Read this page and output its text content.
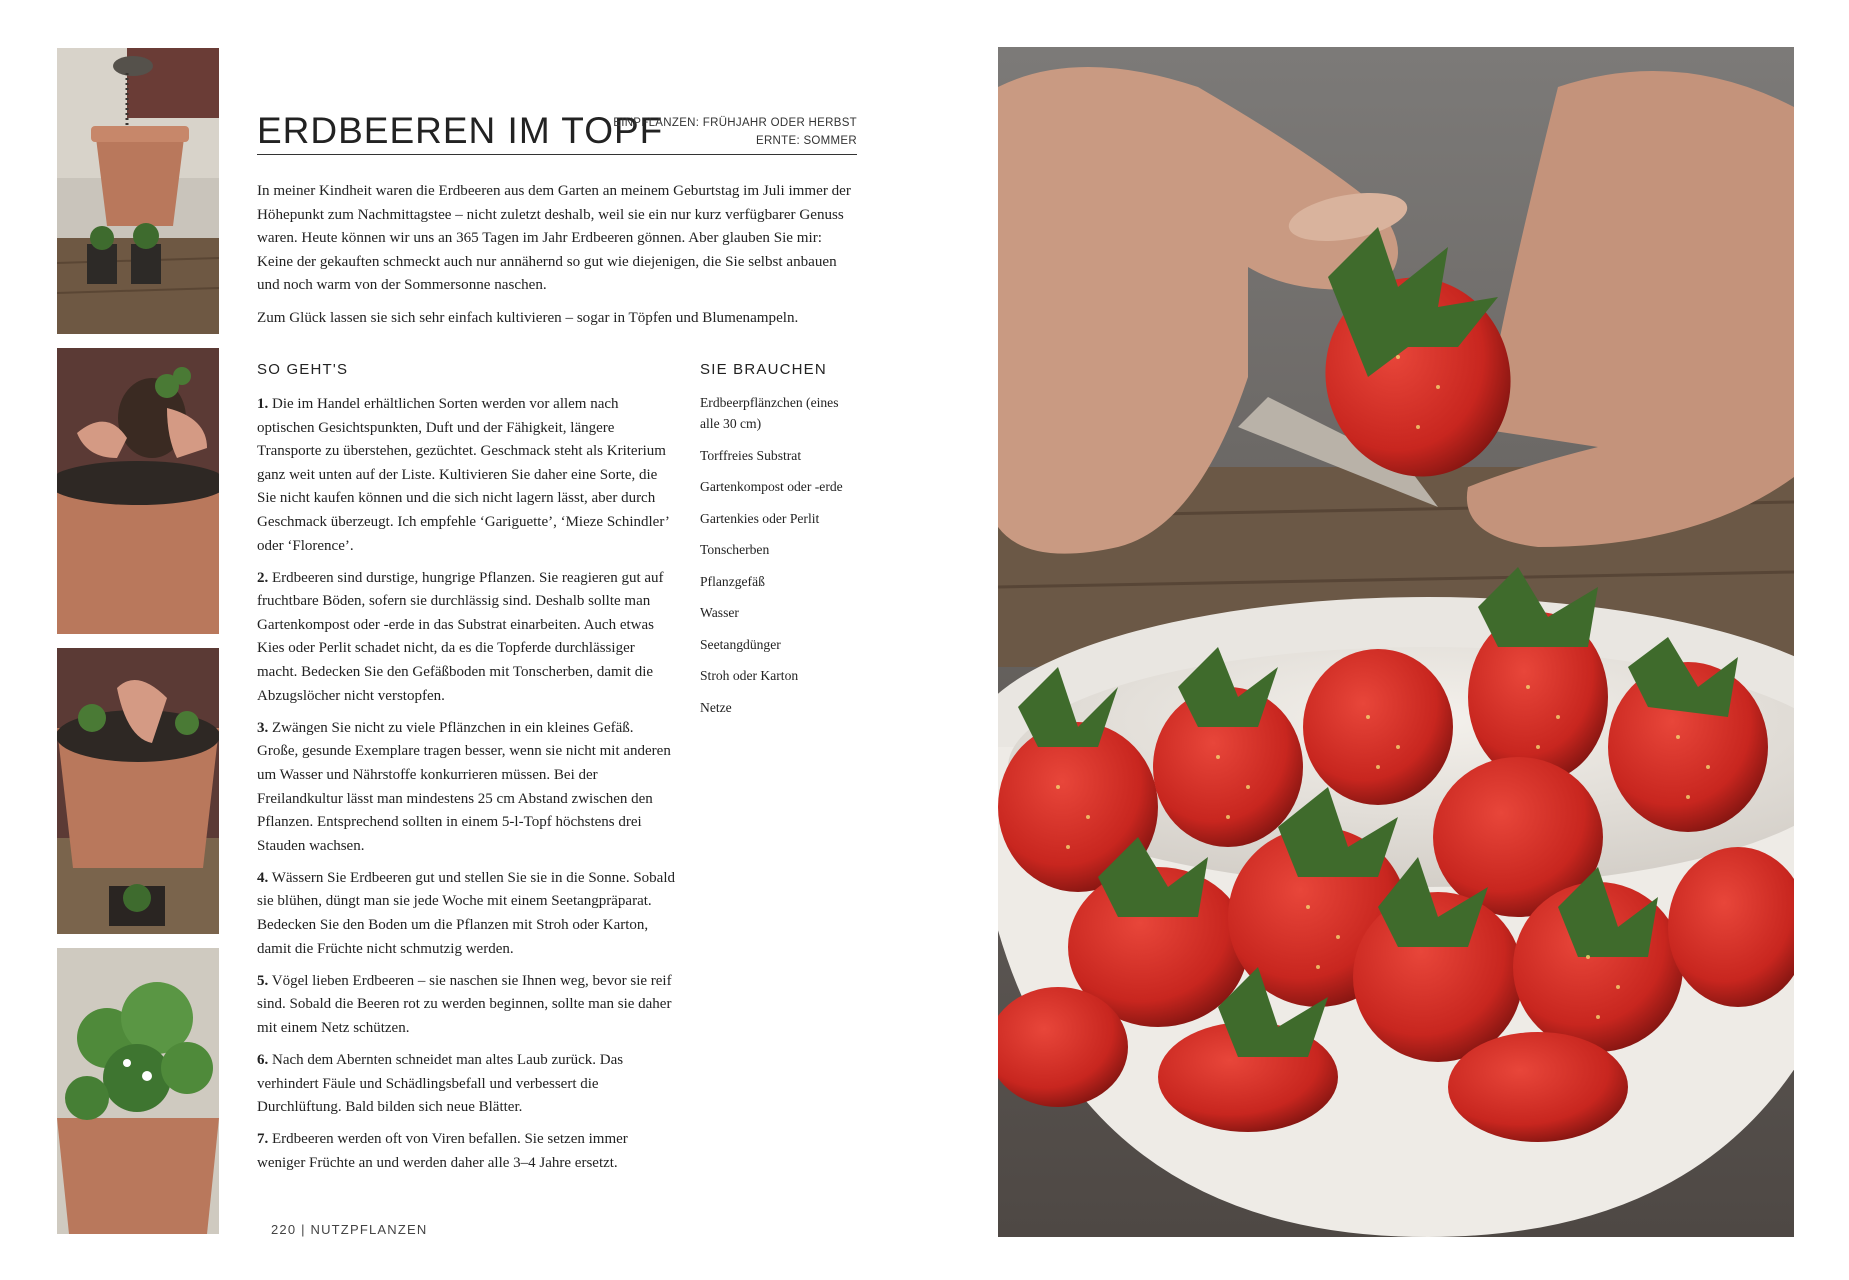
ERDBEEREN IM TOPF
EINPFLANZEN: FRÜHJAHR ODER HERBST
ERNTE: SOMMER

In meiner Kindheit waren die Erdbeeren aus dem Garten an meinem Geburtstag im Juli immer der Höhepunkt zum Nachmittagstee – nicht zuletzt deshalb, weil sie ein nur kurz verfügbarer Genuss waren. Heute können wir uns an 365 Tagen im Jahr Erdbeeren gönnen. Aber glauben Sie mir: Keine der gekauften schmeckt auch nur annähernd so gut wie diejenigen, die Sie selbst anbauen und noch warm von der Sommersonne naschen.

Zum Glück lassen sie sich sehr einfach kultivieren – sogar in Töpfen und Blumenampeln.

SO GEHT'S

1. Die im Handel erhältlichen Sorten werden vor allem nach optischen Gesichtspunkten, Duft und der Fähigkeit, längere Transporte zu überstehen, gezüchtet. Geschmack steht als Kriterium ganz weit unten auf der Liste. Kultivieren Sie daher eine Sorte, die Sie nicht kaufen können und die sich nicht lagern lässt, aber durch Geschmack überzeugt. Ich empfehle ‘Gariguette’, ‘Mieze Schindler’ oder ‘Florence’.

2. Erdbeeren sind durstige, hungrige Pflanzen. Sie reagieren gut auf fruchtbare Böden, sofern sie durchlässig sind. Deshalb sollte man Gartenkompost oder -erde in das Substrat einarbeiten. Auch etwas Kies oder Perlit schadet nicht, da es die Topferde durchlässiger macht. Bedecken Sie den Gefäßboden mit Tonscherben, damit die Abzugslöcher nicht verstopfen.

3. Zwängen Sie nicht zu viele Pflänzchen in ein kleines Gefäß. Große, gesunde Exemplare tragen besser, wenn sie nicht mit anderen um Wasser und Nährstoffe konkurrieren müssen. Bei der Freilandkultur lässt man mindestens 25 cm Abstand zwischen den Pflanzen. Entsprechend sollten in einem 5-l-Topf höchstens drei Stauden wachsen.

4. Wässern Sie Erdbeeren gut und stellen Sie sie in die Sonne. Sobald sie blühen, düngt man sie jede Woche mit einem Seetangpräparat. Bedecken Sie den Boden um die Pflanzen mit Stroh oder Karton, damit die Früchte nicht schmutzig werden.

5. Vögel lieben Erdbeeren – sie naschen sie Ihnen weg, bevor sie reif sind. Sobald die Beeren rot zu werden beginnen, sollte man sie daher mit einem Netz schützen.

6. Nach dem Abernten schneidet man altes Laub zurück. Das verhindert Fäule und Schädlingsbefall und verbessert die Durchlüftung. Bald bilden sich neue Blätter.

7. Erdbeeren werden oft von Viren befallen. Sie setzen immer weniger Früchte an und werden daher alle 3–4 Jahre ersetzt.

SIE BRAUCHEN
Erdbeerpflänzchen (eines alle 30 cm)
Torffreies Substrat
Gartenkompost oder -erde
Gartenkies oder Perlit
Tonscherben
Pflanzgefäß
Wasser
Seetangdünger
Stroh oder Karton
Netze
220 | NUTZPFLANZEN
